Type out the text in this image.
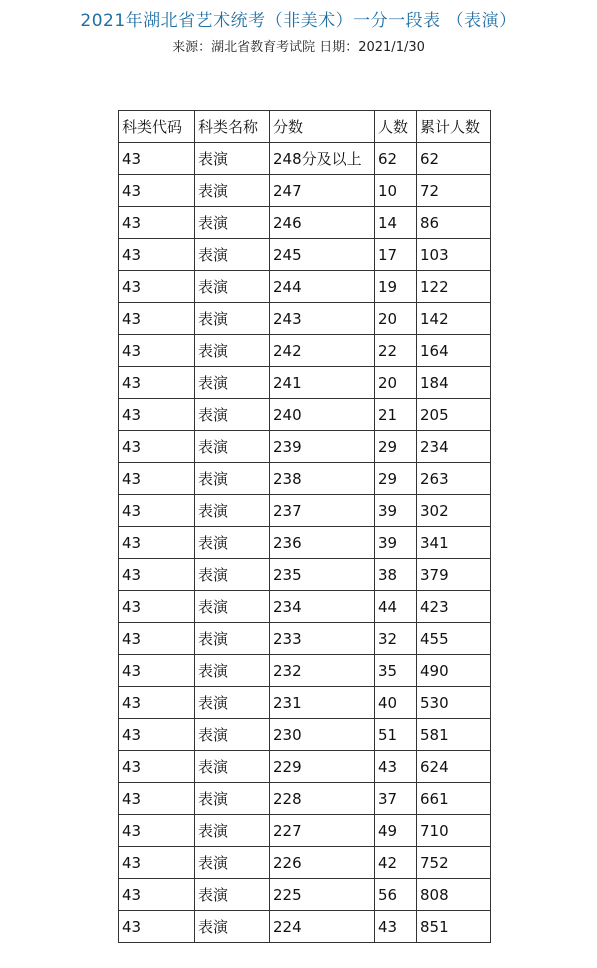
2021年湖北省艺术统考（非美术）一分一段表 （表演）
来源：湖北省教育考试院 日期：2021/1/30
科类代码	科类名称	分数	人数	累计人数
43	表演	248分及以上	62	62
43	表演	247	10	72
43	表演	246	14	86
43	表演	245	17	103
43	表演	244	19	122
43	表演	243	20	142
43	表演	242	22	164
43	表演	241	20	184
43	表演	240	21	205
43	表演	239	29	234
43	表演	238	29	263
43	表演	237	39	302
43	表演	236	39	341
43	表演	235	38	379
43	表演	234	44	423
43	表演	233	32	455
43	表演	232	35	490
43	表演	231	40	530
43	表演	230	51	581
43	表演	229	43	624
43	表演	228	37	661
43	表演	227	49	710
43	表演	226	42	752
43	表演	225	56	808
43	表演	224	43	851
